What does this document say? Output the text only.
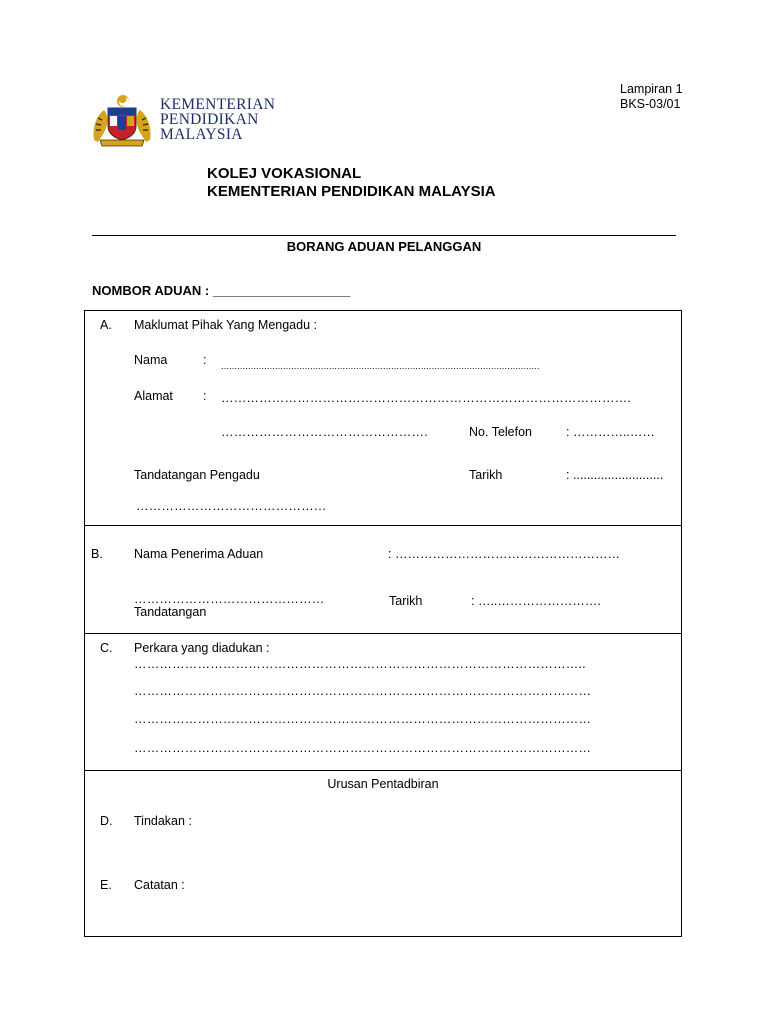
Lampiran 1
BKS-03/01
KEMENTERIAN
PENDIDIKAN
MALAYSIA
KOLEJ VOKASIONAL
KEMENTERIAN PENDIDIKAN MALAYSIA
BORANG ADUAN PELANGGAN
NOMBOR ADUAN : ___________________
A. Maklumat Pihak Yang Mengadu :
Nama	: ......................................................................................................................
Alamat : …………………………………………………………………………………….
………………………………………….	No. Telefon	: …………..……
Tandatangan Pengadu	Tarikh	: ..........................
………………………………………
B. Nama Penerima Aduan	: ………………………………………………
………………………………………
Tandatangan
Tarikh	: …..…………………….
C. Perkara yang diadukan :
……………………………………………………………………………………………..
………………………………………………………………………………………………
………………………………………………………………………………………………
………………………………………………………………………………………………
Urusan Pentadbiran
D. Tindakan :
E. Catatan :
